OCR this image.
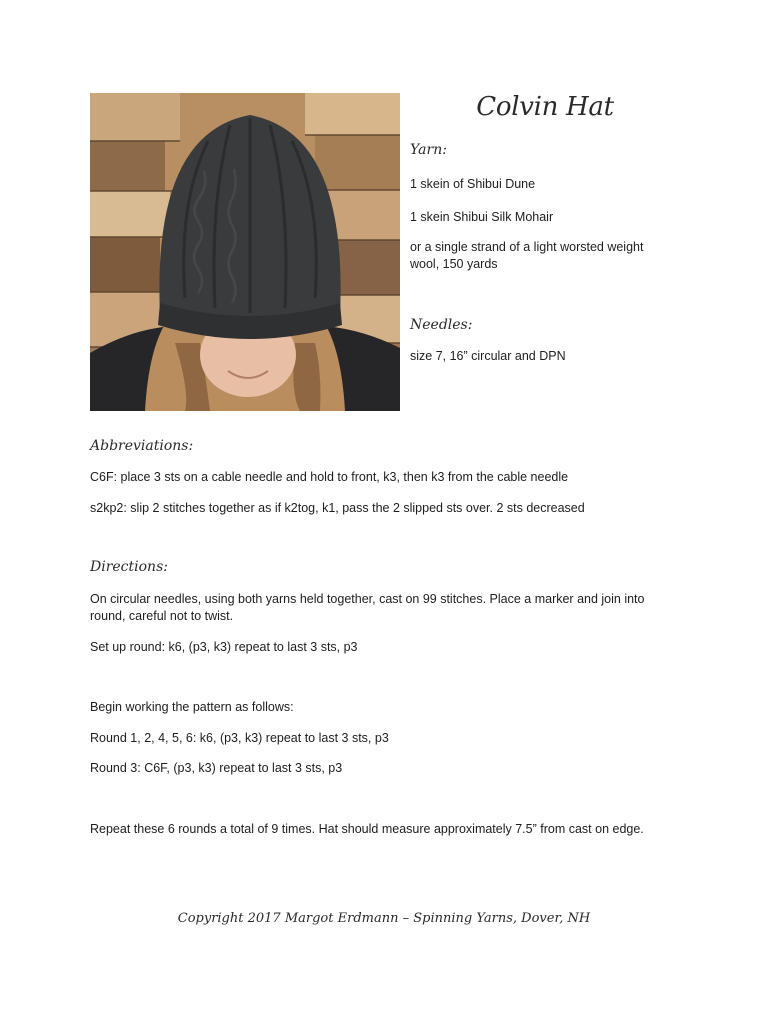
Colvin Hat
Yarn:

1 skein of Shibui Dune

1 skein Shibui Silk Mohair

or a single strand of a light worsted weight wool, 150 yards

Needles:

size 7, 16” circular and DPN

Abbreviations:

C6F: place 3 sts on a cable needle and hold to front, k3, then k3 from the cable needle

s2kp2: slip 2 stitches together as if k2tog, k1, pass the 2 slipped sts over. 2 sts decreased

Directions:

On circular needles, using both yarns held together, cast on 99 stitches. Place a marker and join into round, careful not to twist.

Set up round: k6, (p3, k3) repeat to last 3 sts, p3

Begin working the pattern as follows:

Round 1, 2, 4, 5, 6: k6, (p3, k3) repeat to last 3 sts, p3

Round 3: C6F, (p3, k3) repeat to last 3 sts, p3

Repeat these 6 rounds a total of 9 times. Hat should measure approximately 7.5” from cast on edge.

Copyright 2017 Margot Erdmann – Spinning Yarns, Dover, NH
